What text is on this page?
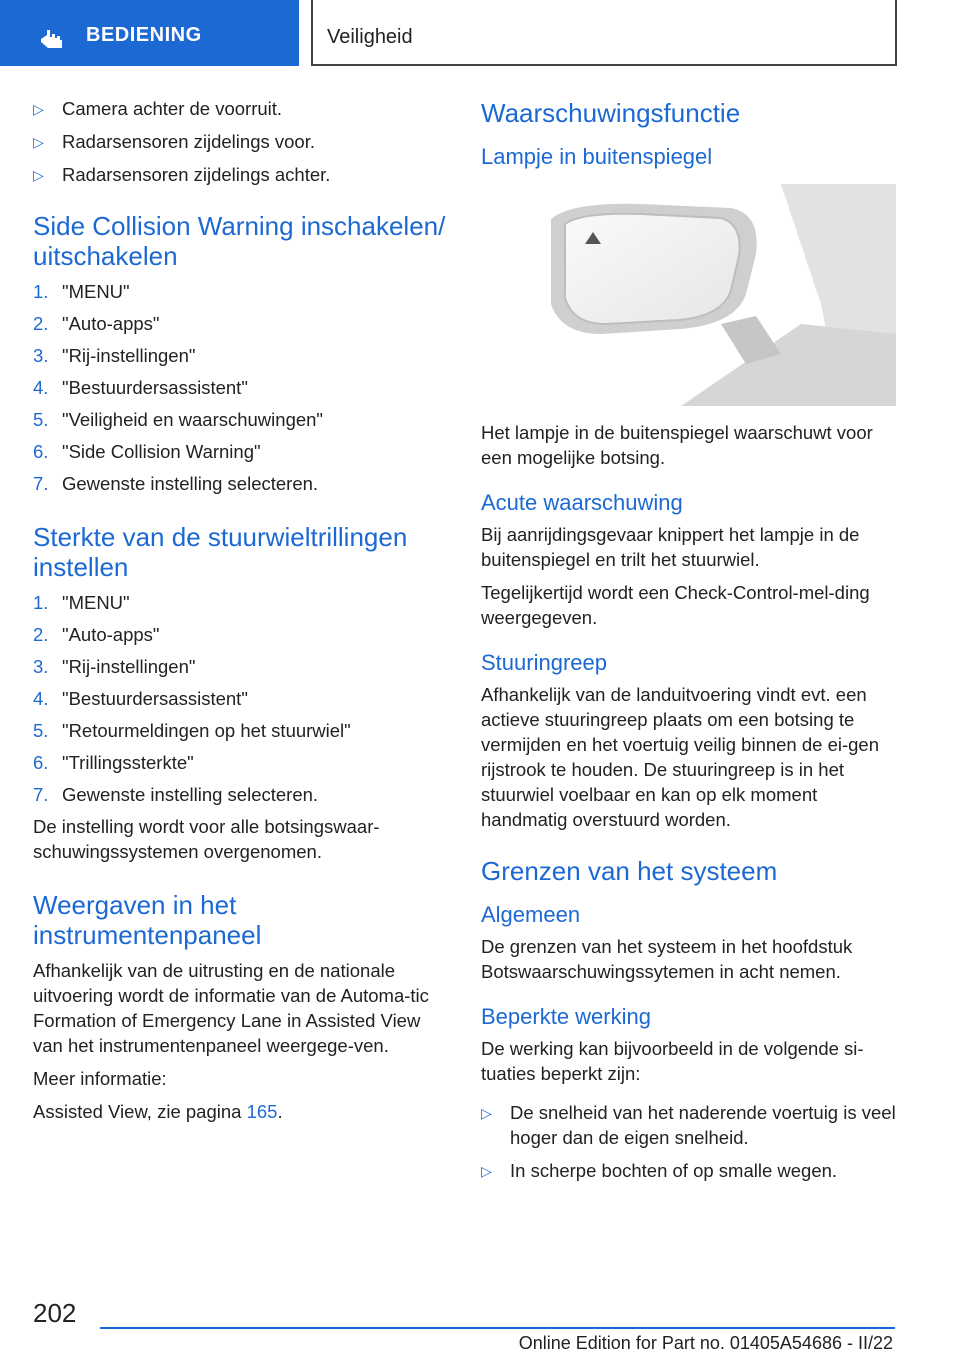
BEDIENING	Veiligheid
▷ Camera achter de voorruit.
▷ Radarsensoren zijdelings voor.
▷ Radarsensoren zijdelings achter.
Side Collision Warning inschakelen/ uitschakelen
1. "MENU"
2. "Auto-apps"
3. "Rij-instellingen"
4. "Bestuurdersassistent"
5. "Veiligheid en waarschuwingen"
6. "Side Collision Warning"
7. Gewenste instelling selecteren.
Sterkte van de stuurwieltrillingen instellen
1. "MENU"
2. "Auto-apps"
3. "Rij-instellingen"
4. "Bestuurdersassistent"
5. "Retourmeldingen op het stuurwiel"
6. "Trillingssterkte"
7. Gewenste instelling selecteren.

De instelling wordt voor alle botsingswaar-schuwingssystemen overgenomen.

Weergaven in het instrumentenpaneel

Afhankelijk van de uitrusting en de nationale uitvoering wordt de informatie van de Automa-tic Formation of Emergency Lane in Assisted View van het instrumentenpaneel weergege-ven.

Meer informatie:

Assisted View, zie pagina 165.

Waarschuwingsfunctie
Lampje in buitenspiegel

Het lampje in de buitenspiegel waarschuwt voor een mogelijke botsing.

Acute waarschuwing

Bij aanrijdingsgevaar knippert het lampje in de buitenspiegel en trilt het stuurwiel.

Tegelijkertijd wordt een Check-Control-mel-ding weergegeven.

Stuuringreep

Afhankelijk van de landuitvoering vindt evt. een actieve stuuringreep plaats om een botsing te vermijden en het voertuig veilig binnen de ei-gen rijstrook te houden. De stuuringreep is in het stuurwiel voelbaar en kan op elk moment handmatig overstuurd worden.

Grenzen van het systeem
Algemeen

De grenzen van het systeem in het hoofdstuk Botswaarschuwingssytemen in acht nemen.

Beperkte werking

De werking kan bijvoorbeeld in de volgende si-tuaties beperkt zijn:

▷ De snelheid van het naderende voertuig is veel hoger dan de eigen snelheid.
▷ In scherpe bochten of op smalle wegen.
202
Online Edition for Part no. 01405A54686 - II/22
